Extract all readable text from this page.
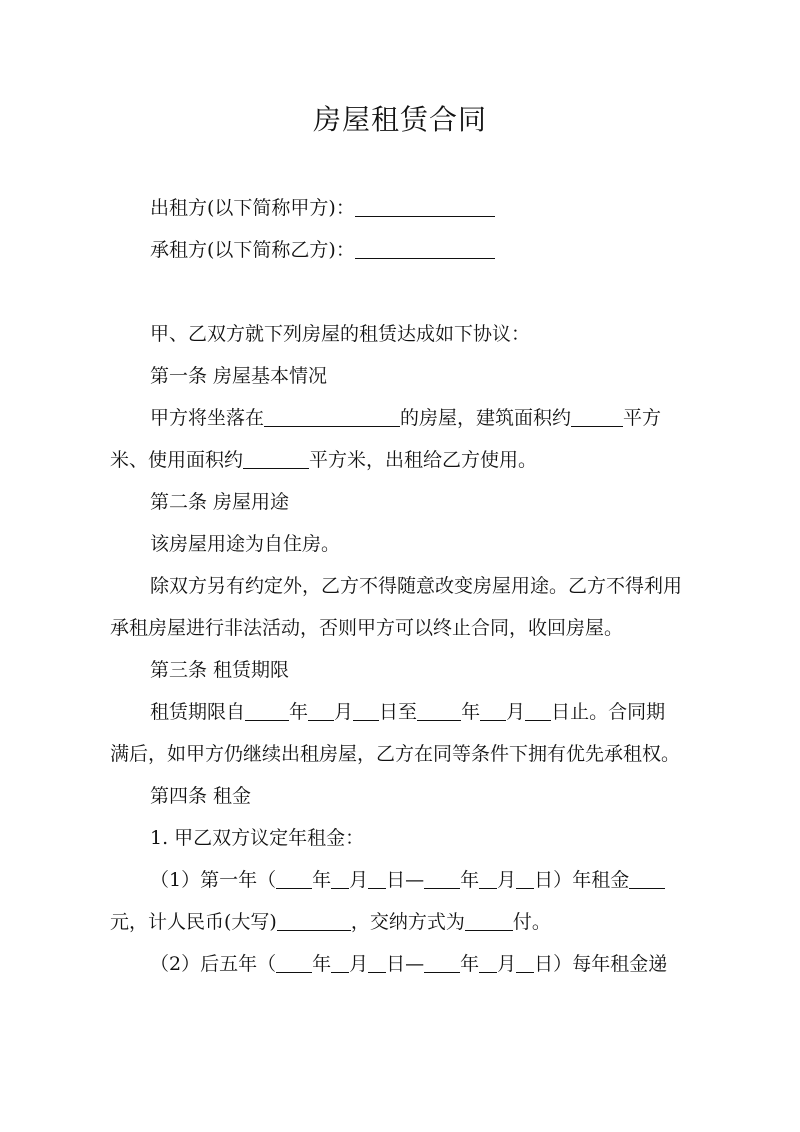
房屋租赁合同
出租方(以下简称甲方)：
承租方(以下简称乙方)：
甲、乙双方就下列房屋的租赁达成如下协议：
第一条 房屋基本情况
甲方将坐落在	的房屋，建筑面积约	平方
米、使用面积约	平方米，出租给乙方使用。
第二条 房屋用途
该房屋用途为自住房。
除双方另有约定外，乙方不得随意改变房屋用途。乙方不得利用
承租房屋进行非法活动，否则甲方可以终止合同，收回房屋。
第三条 租赁期限
租赁期限自 年 月 日至 年 月 日止。合同期
满后，如甲方仍继续出租房屋，乙方在同等条件下拥有优先承租权。
第四条 租金
1. 甲乙双方议定年租金：
（1）第一年（ 年 月 日— 年 月 日）年租金
元，计人民币(大写)	，交纳方式为	付。
（2）后五年（ 年 月 日— 年 月 日）每年租金递
